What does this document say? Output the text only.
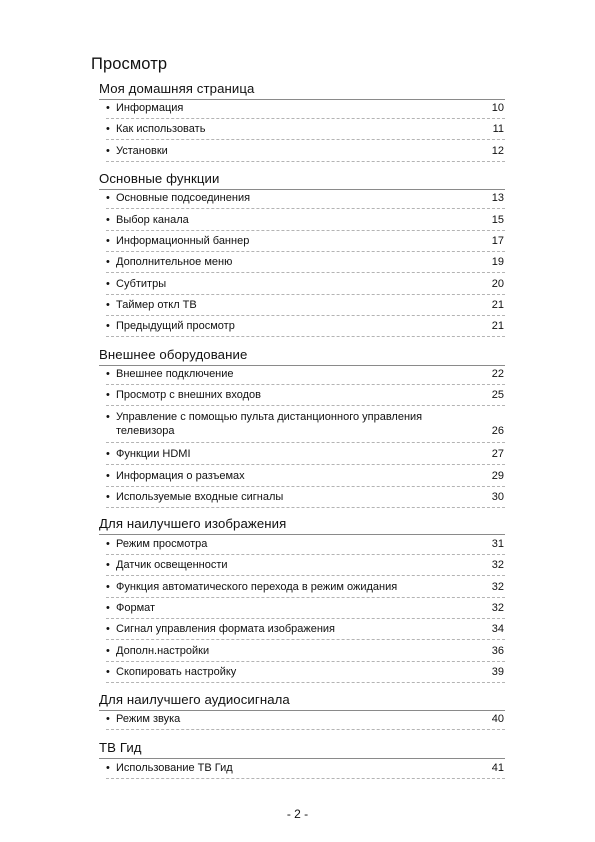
Просмотр
Моя домашняя страница
• Информация	10
• Как использовать	11
• Установки	12
Основные функции
• Основные подсоединения	13
• Выбор канала	15
• Информационный баннер	17
• Дополнительное меню	19
• Субтитры	20
• Таймер откл ТВ	21
• Предыдущий просмотр	21
Внешнее оборудование
• Внешнее подключение	22
• Просмотр с внешних входов	25
• Управление с помощью пульта дистанционного управления телевизора	26
• Функции HDMI	27
• Информация о разъемах	29
• Используемые входные сигналы	30
Для наилучшего изображения
• Режим просмотра	31
• Датчик освещенности	32
• Функция автоматического перехода в режим ожидания	32
• Формат	32
• Сигнал управления формата изображения	34
• Дополн.настройки	36
• Скопировать настройку	39
Для наилучшего аудиосигнала
• Режим звука	40
ТВ Гид
• Использование ТВ Гид	41
- 2 -
